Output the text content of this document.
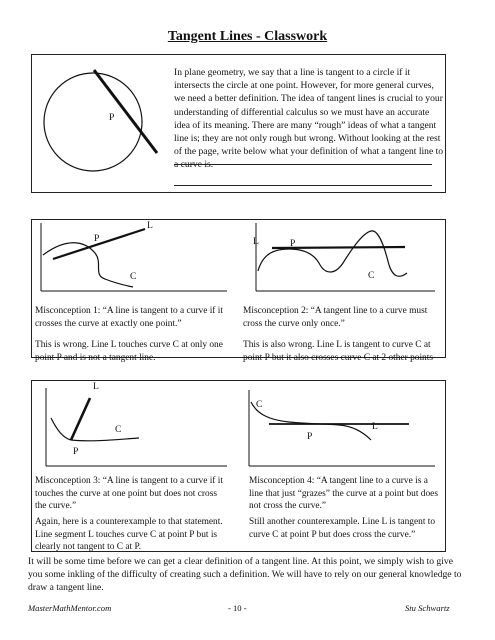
Tangent Lines - Classwork
P
In plane geometry, we say that a line is tangent to a circle if it intersects the circle at one point. However, for more general curves, we need a better definition. The idea of tangent lines is crucial to your understanding of differential calculus so we must have an accurate idea of its meaning. There are many “rough” ideas of what a tangent line is; they are not only rough but wrong. Without looking at the rest of the page, write below what your definition of what a tangent line to a curve is.
L
P
C
L	P
C
Misconception 1: “A line is tangent to a curve if it crosses the curve at exactly one point.”
This is wrong. Line L touches curve C at only one point P and is not a tangent line.
Misconception 2: “A tangent line to a curve must cross the curve only once.”
This is also wrong. Line L is tangent to curve C at point P but it also crosses curve C at 2 other points
L
C
P
C
P
L
Misconception 3: “A line is tangent to a curve if it touches the curve at one point but does not cross the curve.”
Again, here is a counterexample to that statement. Line segment L touches curve C at point P but is clearly not tangent to C at P.
Misconception 4: “A tangent line to a curve is a line that just “grazes” the curve at a point but does not cross the curve.”
Still another counterexample. Line L is tangent to curve C at point P but does cross the curve.”
It will be some time before we can get a clear definition of a tangent line. At this point, we simply wish to give you some inkling of the difficulty of creating such a definition. We will have to rely on our general knowledge to draw a tangent line.
MasterMathMentor.com	- 10 -	Stu Schwartz
